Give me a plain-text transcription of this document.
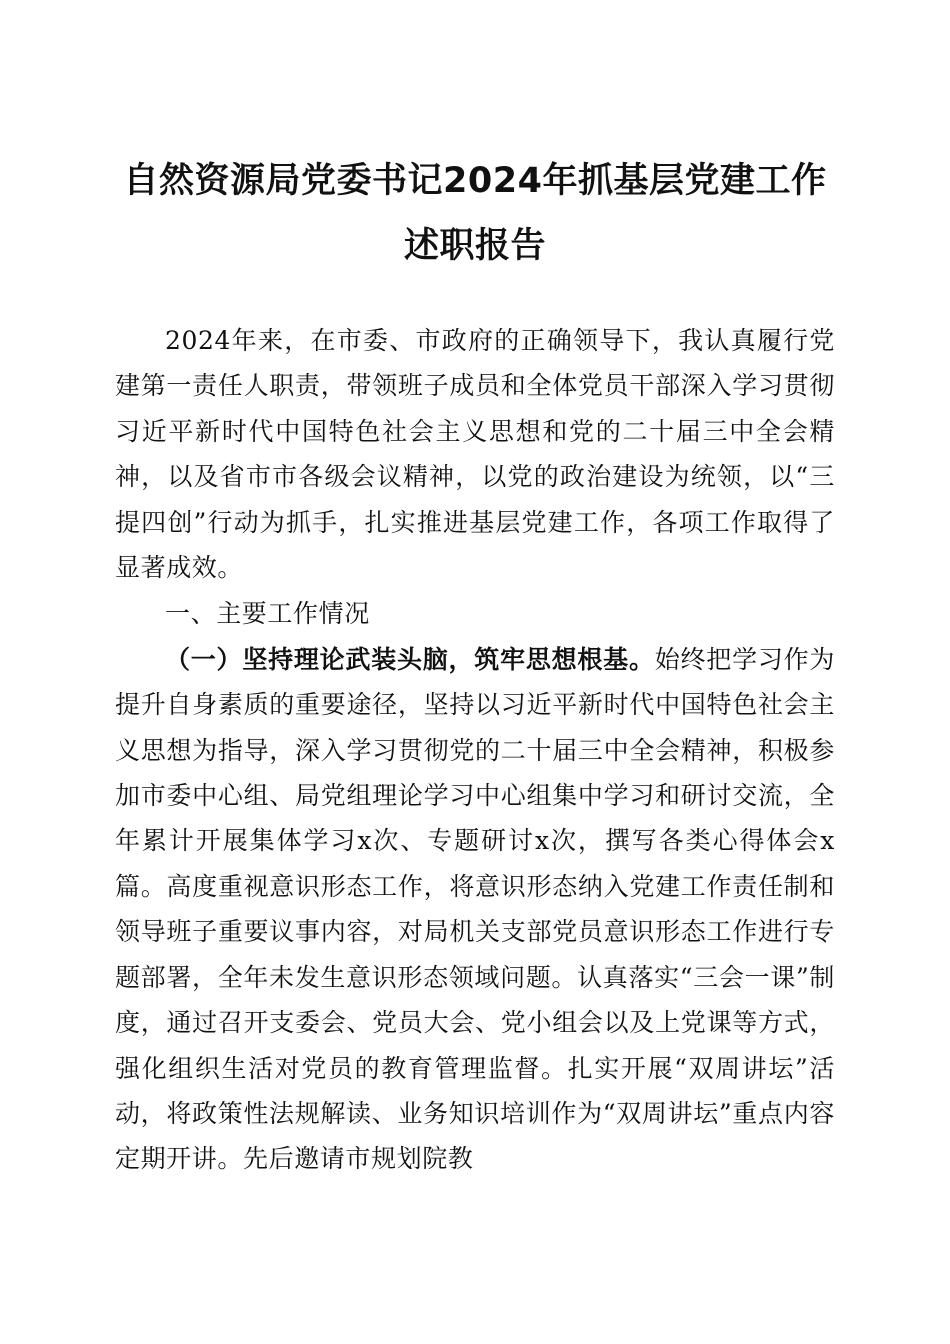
自然资源局党委书记2024年抓基层党建工作
述职报告

2024年来，在市委、市政府的正确领导下，我认真履行党建第一责任人职责，带领班子成员和全体党员干部深入学习贯彻习近平新时代中国特色社会主义思想和党的二十届三中全会精神，以及省市市各级会议精神，以党的政治建设为统领，以“三提四创”行动为抓手，扎实推进基层党建工作，各项工作取得了显著成效。

一、主要工作情况

（一）坚持理论武装头脑，筑牢思想根基。始终把学习作为提升自身素质的重要途径，坚持以习近平新时代中国特色社会主义思想为指导，深入学习贯彻党的二十届三中全会精神，积极参加市委中心组、局党组理论学习中心组集中学习和研讨交流，全年累计开展集体学习x次、专题研讨x次，撰写各类心得体会x篇。高度重视意识形态工作，将意识形态纳入党建工作责任制和领导班子重要议事内容，对局机关支部党员意识形态工作进行专题部署，全年未发生意识形态领域问题。认真落实“三会一课”制度，通过召开支委会、党员大会、党小组会以及上党课等方式，强化组织生活对党员的教育管理监督。扎实开展“双周讲坛”活动，将政策性法规解读、业务知识培训作为“双周讲坛”重点内容定期开讲。先后邀请市规划院教
